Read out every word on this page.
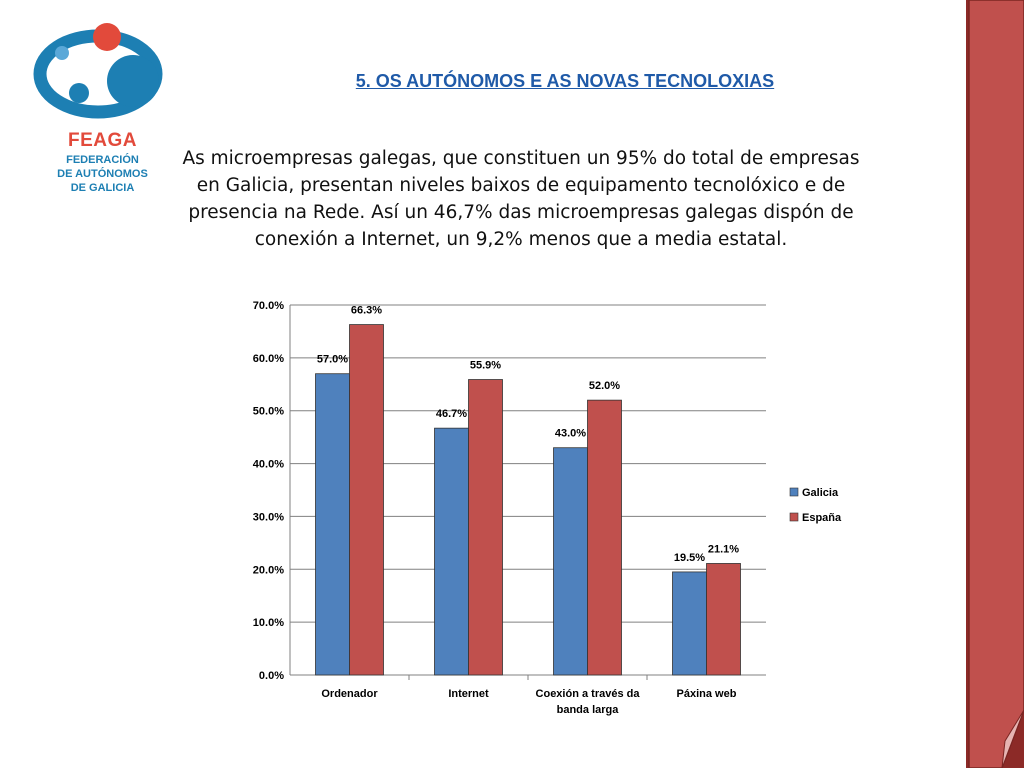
FEAGA
FEDERACIÓN
DE AUTÓNOMOS
DE GALICIA
5. OS AUTÓNOMOS E AS NOVAS TECNOLOXIAS
As microempresas galegas, que constituen un 95% do total de empresas en Galicia, presentan niveles baixos de equipamento tecnolóxico e de presencia na Rede. Así un 46,7% das microempresas galegas dispón de conexión a Internet, un 9,2% menos que a media estatal.
0.0%
10.0%
20.0%
30.0%
40.0%
50.0%
60.0%
70.0%
57.0%
66.3%
Ordenador
46.7%
55.9%
Internet
43.0%
52.0%
Coexión a través da
banda larga
19.5%
21.1%
Páxina web
Galicia
España
